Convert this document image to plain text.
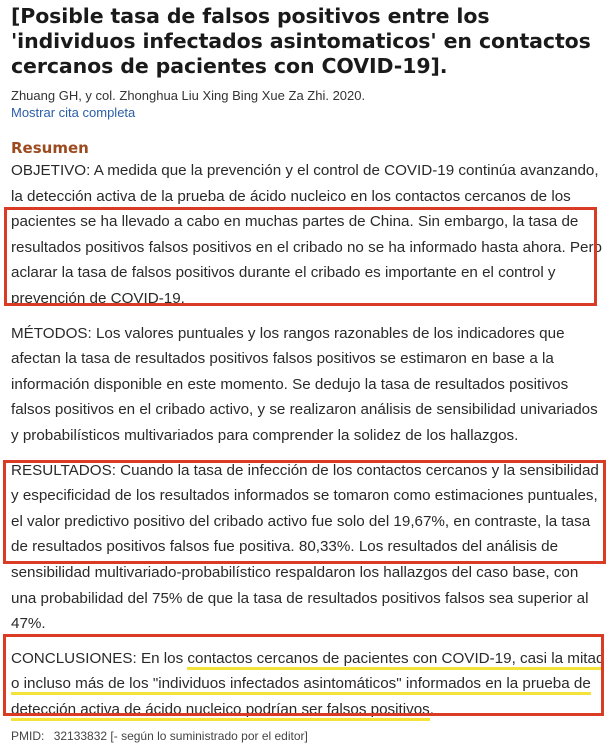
[Posible tasa de falsos positivos entre los 'individuos infectados asintomaticos' en contactos cercanos de pacientes con COVID-19].
Zhuang GH, y col. Zhonghua Liu Xing Bing Xue Za Zhi. 2020.
Mostrar cita completa
Resumen

OBJETIVO: A medida que la prevención y el control de COVID-19 continúa avanzando, la detección activa de la prueba de ácido nucleico en los contactos cercanos de los pacientes se ha llevado a cabo en muchas partes de China. Sin embargo, la tasa de resultados positivos falsos positivos en el cribado no se ha informado hasta ahora. Pero aclarar la tasa de falsos positivos durante el cribado es importante en el control y prevención de COVID-19.

MÉTODOS: Los valores puntuales y los rangos razonables de los indicadores que afectan la tasa de resultados positivos falsos positivos se estimaron en base a la información disponible en este momento. Se dedujo la tasa de resultados positivos falsos positivos en el cribado activo, y se realizaron análisis de sensibilidad univariados y probabilísticos multivariados para comprender la solidez de los hallazgos.

RESULTADOS: Cuando la tasa de infección de los contactos cercanos y la sensibilidad y especificidad de los resultados informados se tomaron como estimaciones puntuales, el valor predictivo positivo del cribado activo fue solo del 19,67%, en contraste, la tasa de resultados positivos falsos fue positiva. 80,33%. Los resultados del análisis de sensibilidad multivariado-probabilístico respaldaron los hallazgos del caso base, con una probabilidad del 75% de que la tasa de resultados positivos falsos sea superior al 47%.

CONCLUSIONES: En los contactos cercanos de pacientes con COVID-19, casi la mitad o incluso más de los "individuos infectados asintomáticos" informados en la prueba de detección activa de ácido nucleico podrían ser falsos positivos.

PMID: 32133832 [- según lo suministrado por el editor]
